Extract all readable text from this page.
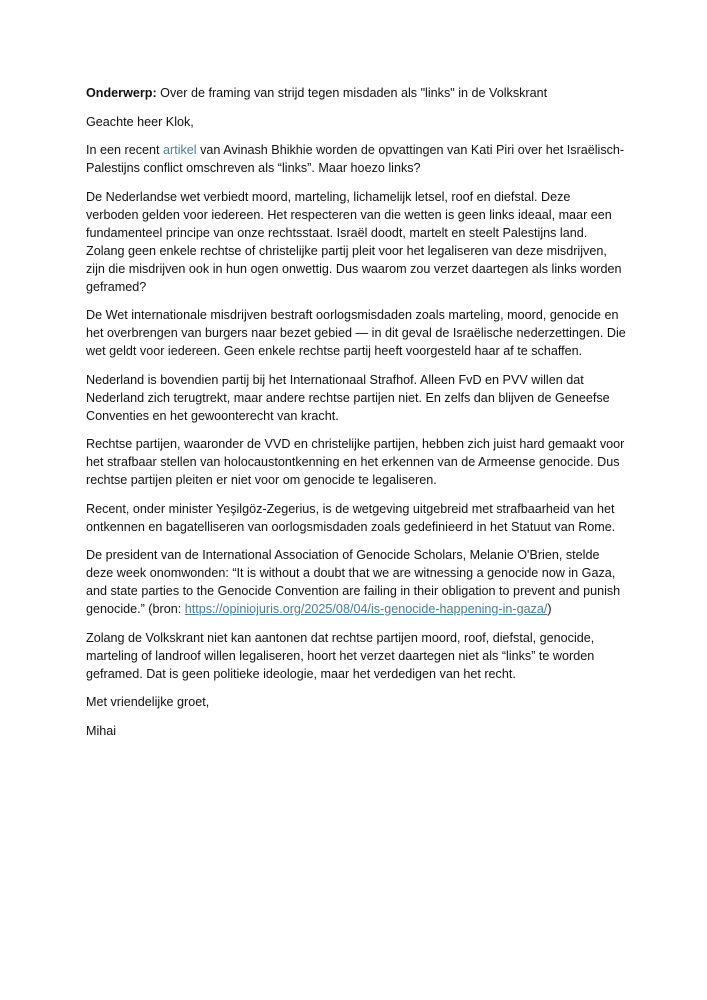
Onderwerp: Over de framing van strijd tegen misdaden als "links" in de Volkskrant

Geachte heer Klok,

In een recent artikel van Avinash Bhikhie worden de opvattingen van Kati Piri over het Israëlisch-Palestijns conflict omschreven als “links”. Maar hoezo links?

De Nederlandse wet verbiedt moord, marteling, lichamelijk letsel, roof en diefstal. Deze verboden gelden voor iedereen. Het respecteren van die wetten is geen links ideaal, maar een fundamenteel principe van onze rechtsstaat. Israël doodt, martelt en steelt Palestijns land. Zolang geen enkele rechtse of christelijke partij pleit voor het legaliseren van deze misdrijven, zijn die misdrijven ook in hun ogen onwettig. Dus waarom zou verzet daartegen als links worden geframed?

De Wet internationale misdrijven bestraft oorlogsmisdaden zoals marteling, moord, genocide en het overbrengen van burgers naar bezet gebied — in dit geval de Israëlische nederzettingen. Die wet geldt voor iedereen. Geen enkele rechtse partij heeft voorgesteld haar af te schaffen.

Nederland is bovendien partij bij het Internationaal Strafhof. Alleen FvD en PVV willen dat Nederland zich terugtrekt, maar andere rechtse partijen niet. En zelfs dan blijven de Geneefse Conventies en het gewoonterecht van kracht.

Rechtse partijen, waaronder de VVD en christelijke partijen, hebben zich juist hard gemaakt voor het strafbaar stellen van holocaustontkenning en het erkennen van de Armeense genocide. Dus rechtse partijen pleiten er niet voor om genocide te legaliseren.

Recent, onder minister Yeşilgöz-Zegerius, is de wetgeving uitgebreid met strafbaarheid van het ontkennen en bagatelliseren van oorlogsmisdaden zoals gedefinieerd in het Statuut van Rome.

De president van de International Association of Genocide Scholars, Melanie O'Brien, stelde deze week onomwonden: “It is without a doubt that we are witnessing a genocide now in Gaza, and state parties to the Genocide Convention are failing in their obligation to prevent and punish genocide.” (bron: https://opiniojuris.org/2025/08/04/is-genocide-happening-in-gaza/)

Zolang de Volkskrant niet kan aantonen dat rechtse partijen moord, roof, diefstal, genocide, marteling of landroof willen legaliseren, hoort het verzet daartegen niet als “links” te worden geframed. Dat is geen politieke ideologie, maar het verdedigen van het recht.

Met vriendelijke groet,

Mihai
